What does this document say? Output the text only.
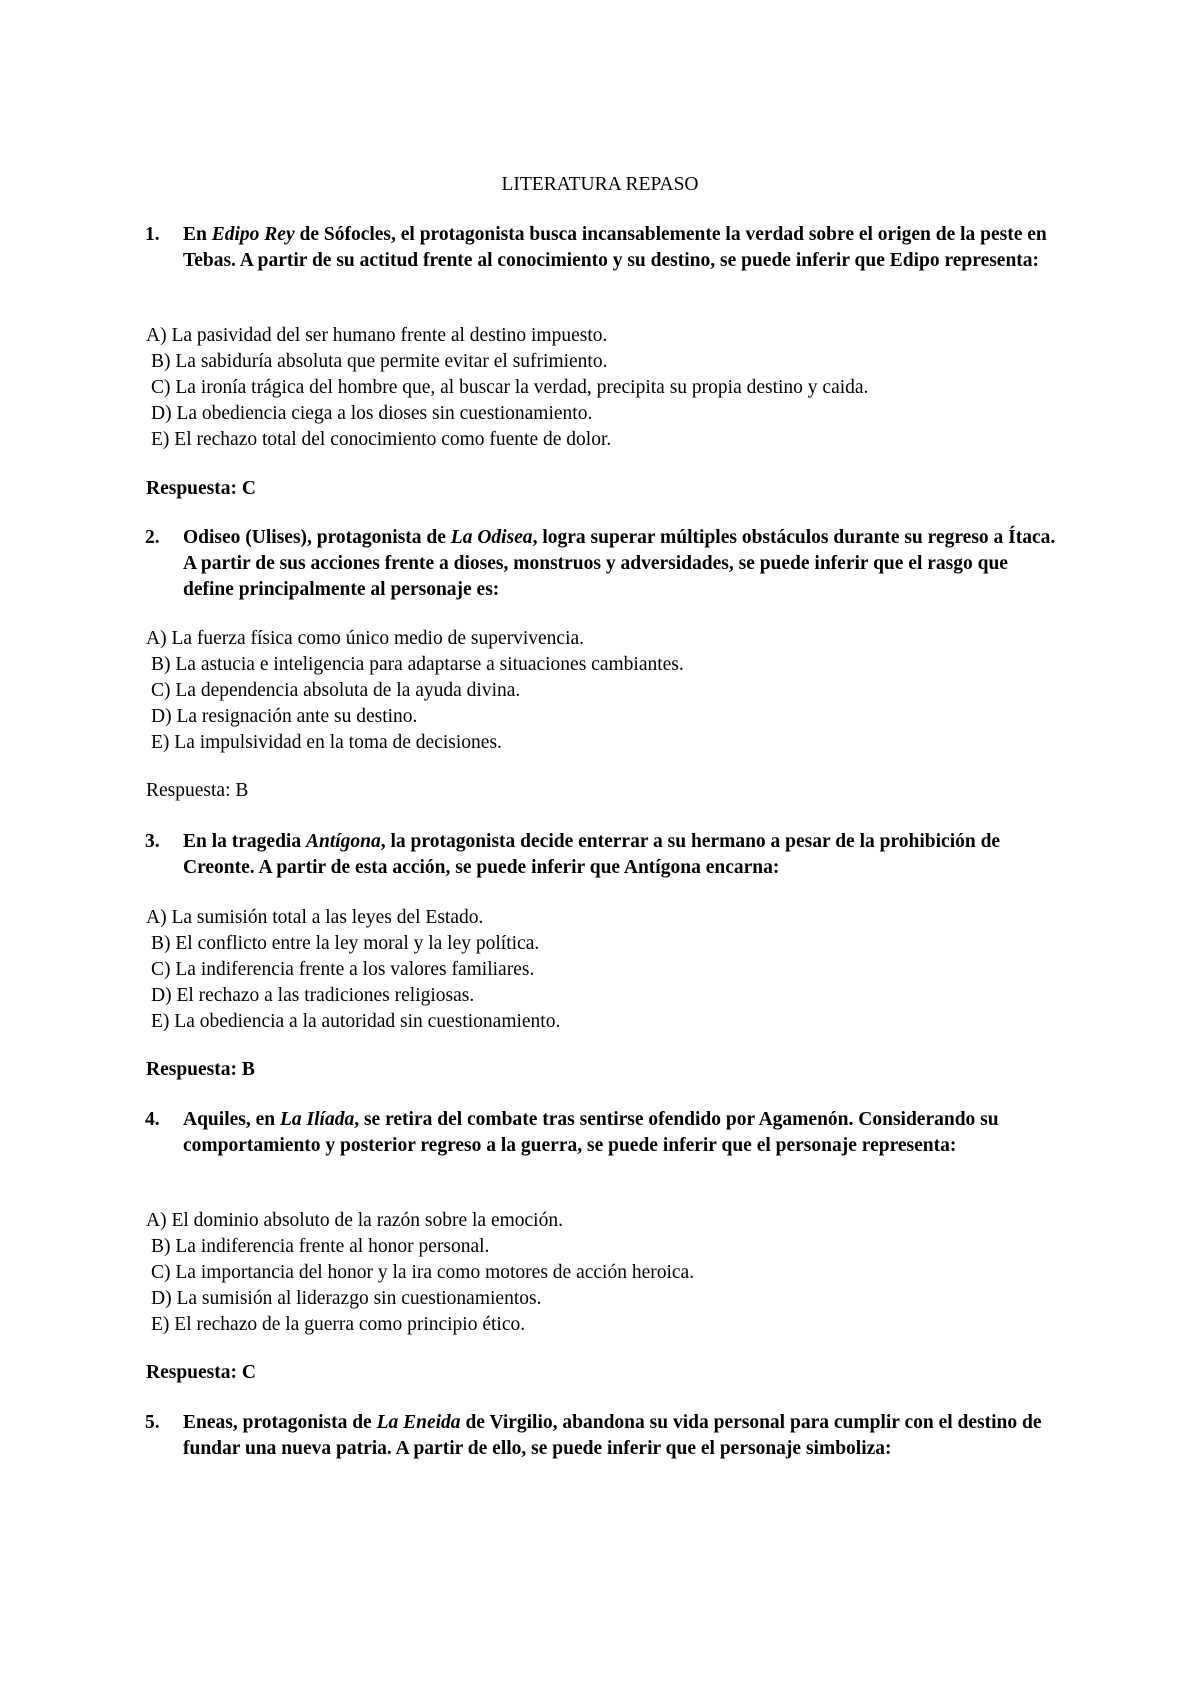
LITERATURA REPASO
1. En Edipo Rey de Sófocles, el protagonista busca incansablemente la verdad sobre el origen de la peste en Tebas. A partir de su actitud frente al conocimiento y su destino, se puede inferir que Edipo representa:
A) La pasividad del ser humano frente al destino impuesto.
B) La sabiduría absoluta que permite evitar el sufrimiento.
C) La ironía trágica del hombre que, al buscar la verdad, precipita su propia destino y caida.
D) La obediencia ciega a los dioses sin cuestionamiento.
E) El rechazo total del conocimiento como fuente de dolor.
Respuesta: C
2. Odiseo (Ulises), protagonista de La Odisea, logra superar múltiples obstáculos durante su regreso a Ítaca. A partir de sus acciones frente a dioses, monstruos y adversidades, se puede inferir que el rasgo que define principalmente al personaje es:
A) La fuerza física como único medio de supervivencia.
B) La astucia e inteligencia para adaptarse a situaciones cambiantes.
C) La dependencia absoluta de la ayuda divina.
D) La resignación ante su destino.
E) La impulsividad en la toma de decisiones.
Respuesta: B
3. En la tragedia Antígona, la protagonista decide enterrar a su hermano a pesar de la prohibición de Creonte. A partir de esta acción, se puede inferir que Antígona encarna:
A) La sumisión total a las leyes del Estado.
B) El conflicto entre la ley moral y la ley política.
C) La indiferencia frente a los valores familiares.
D) El rechazo a las tradiciones religiosas.
E) La obediencia a la autoridad sin cuestionamiento.
Respuesta: B
4. Aquiles, en La Ilíada, se retira del combate tras sentirse ofendido por Agamenón. Considerando su comportamiento y posterior regreso a la guerra, se puede inferir que el personaje representa:
A) El dominio absoluto de la razón sobre la emoción.
B) La indiferencia frente al honor personal.
C) La importancia del honor y la ira como motores de acción heroica.
D) La sumisión al liderazgo sin cuestionamientos.
E) El rechazo de la guerra como principio ético.
Respuesta: C
5. Eneas, protagonista de La Eneida de Virgilio, abandona su vida personal para cumplir con el destino de fundar una nueva patria. A partir de ello, se puede inferir que el personaje simboliza:
